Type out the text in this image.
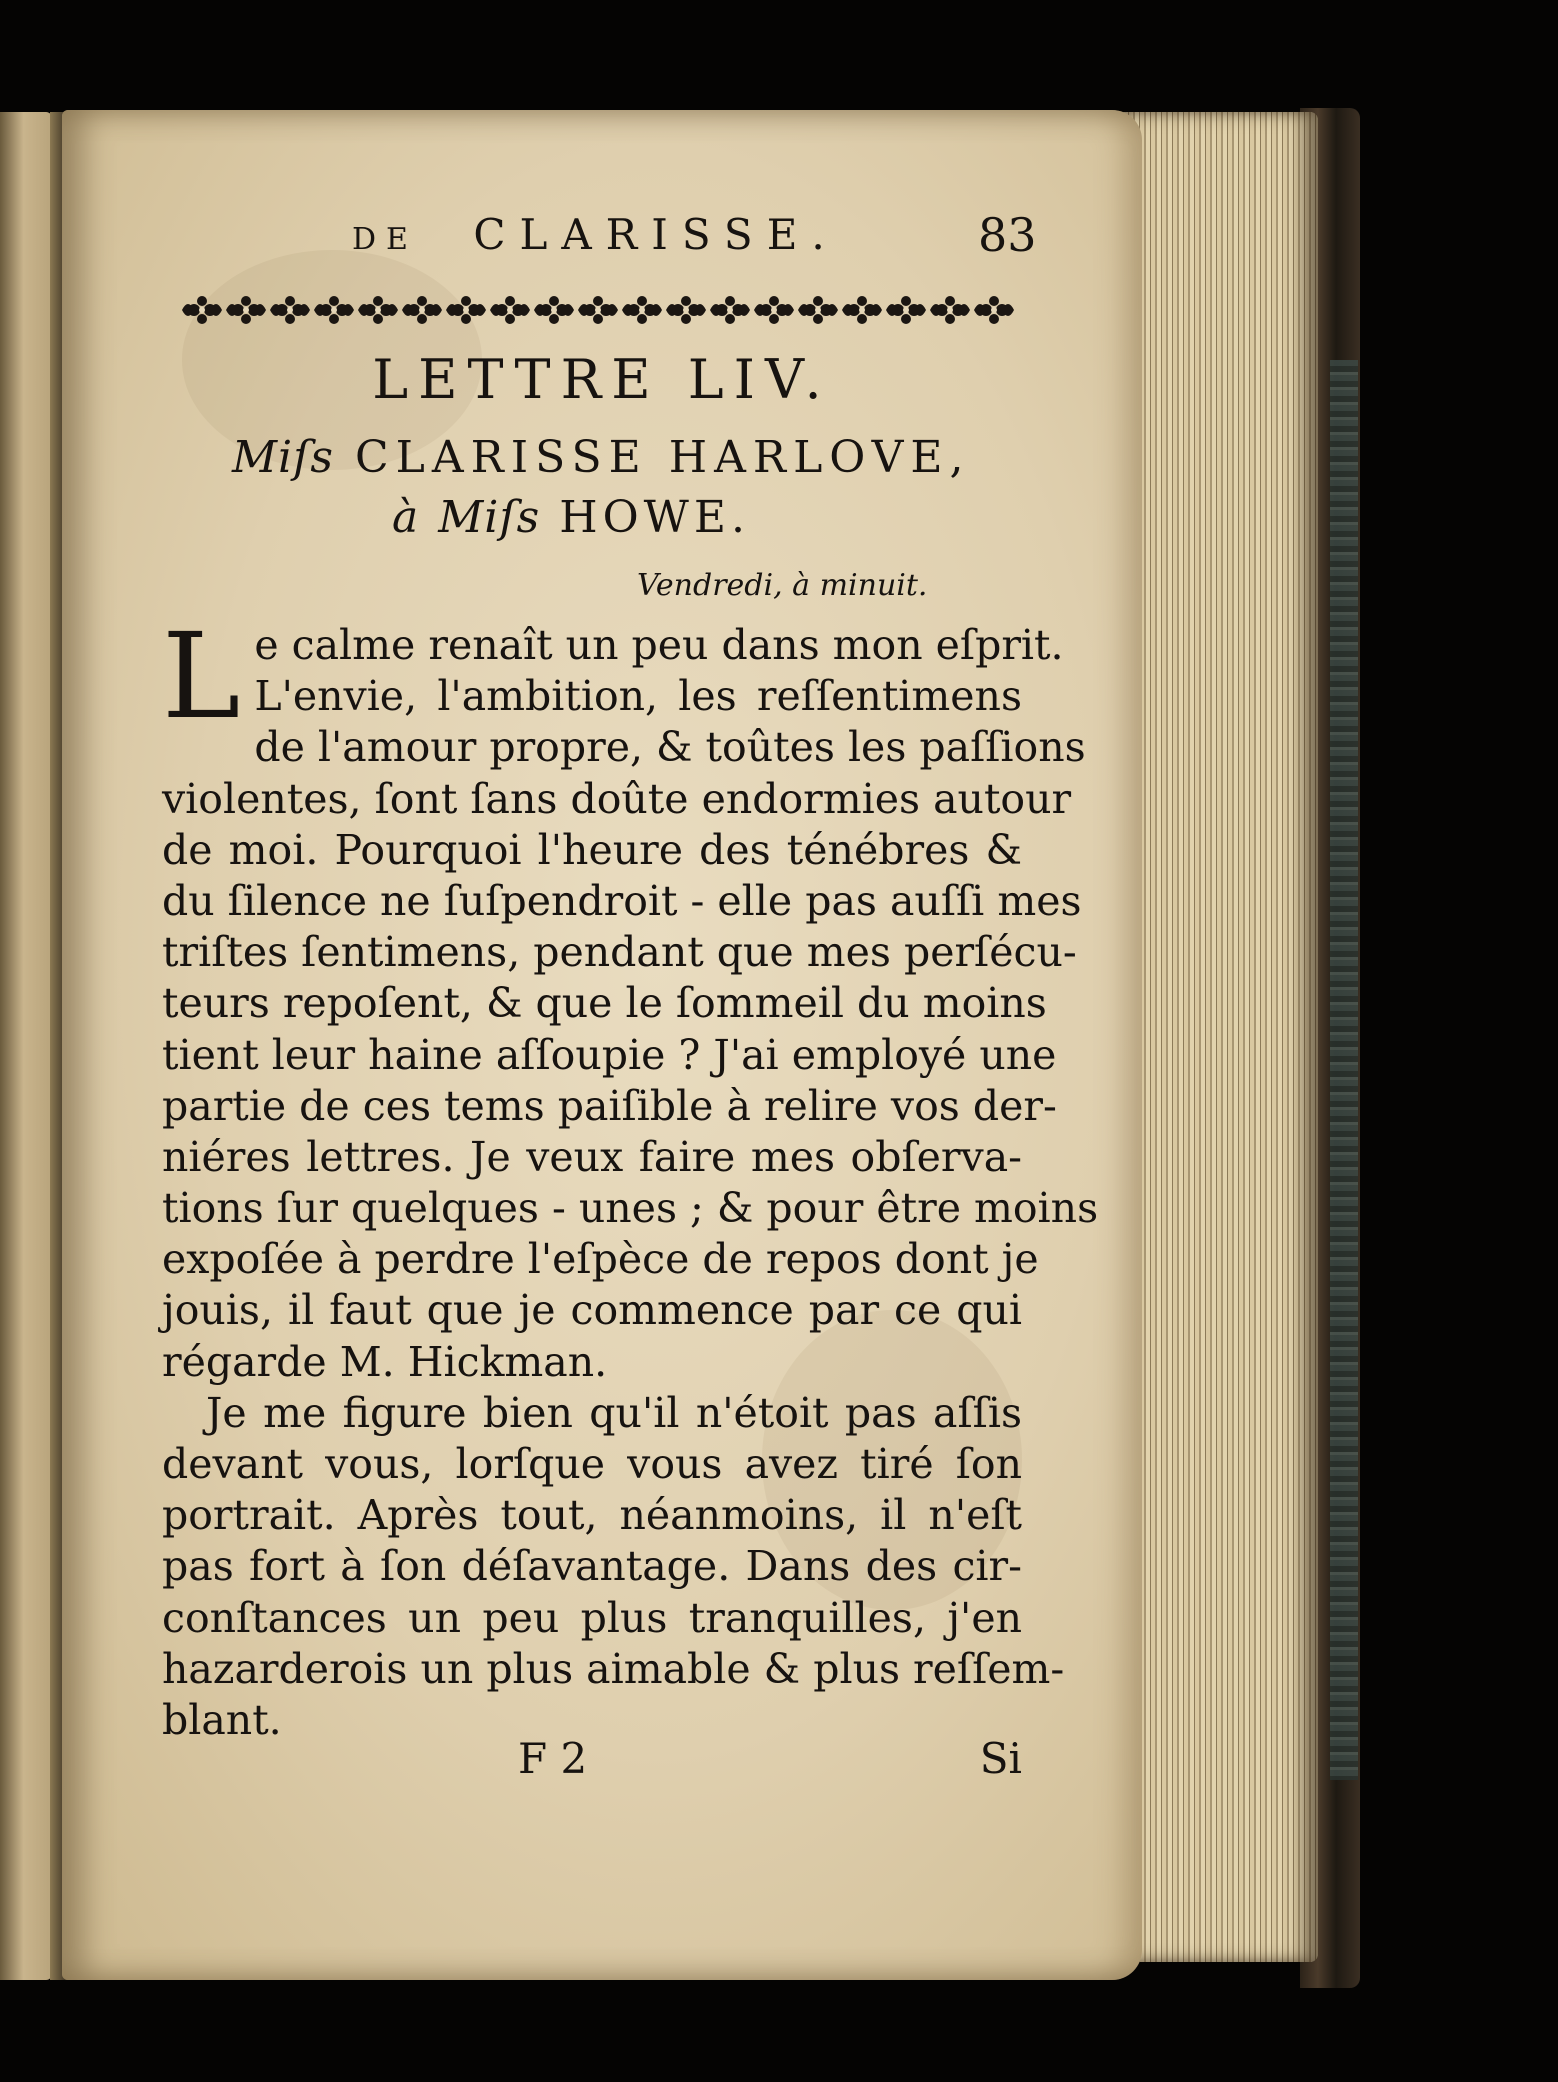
DE CLARISSE.	83
LETTRE LIV.
Miſs CLARISSE HARLOVE,
à Miſs HOWE.
Vendredi, à minuit.
L e calme renaît un peu dans mon eſprit.
L'envie, l'ambition, les reſſentimens
de l'amour propre, & toûtes les paſſions
violentes, ſont ſans doûte endormies autour
de moi. Pourquoi l'heure des ténébres &
du ſilence ne ſuſpendroit - elle pas auſſi mes
triſtes ſentimens, pendant que mes perſécu-
teurs repoſent, & que le ſommeil du moins
tient leur haine aſſoupie ? J'ai employé une
partie de ces tems paiſible à relire vos der-
niéres lettres. Je veux faire mes obſerva-
tions ſur quelques - unes ; & pour être moins
expoſée à perdre l'eſpèce de repos dont je
jouis, il faut que je commence par ce qui
régarde M. Hickman.
Je me figure bien qu'il n'étoit pas aſſis
devant vous, lorſque vous avez tiré ſon
portrait. Après tout, néanmoins, il n'eſt
pas fort à ſon déſavantage. Dans des cir-
conſtances un peu plus tranquilles, j'en
hazarderois un plus aimable & plus reſſem-
blant.
F 2	Si
